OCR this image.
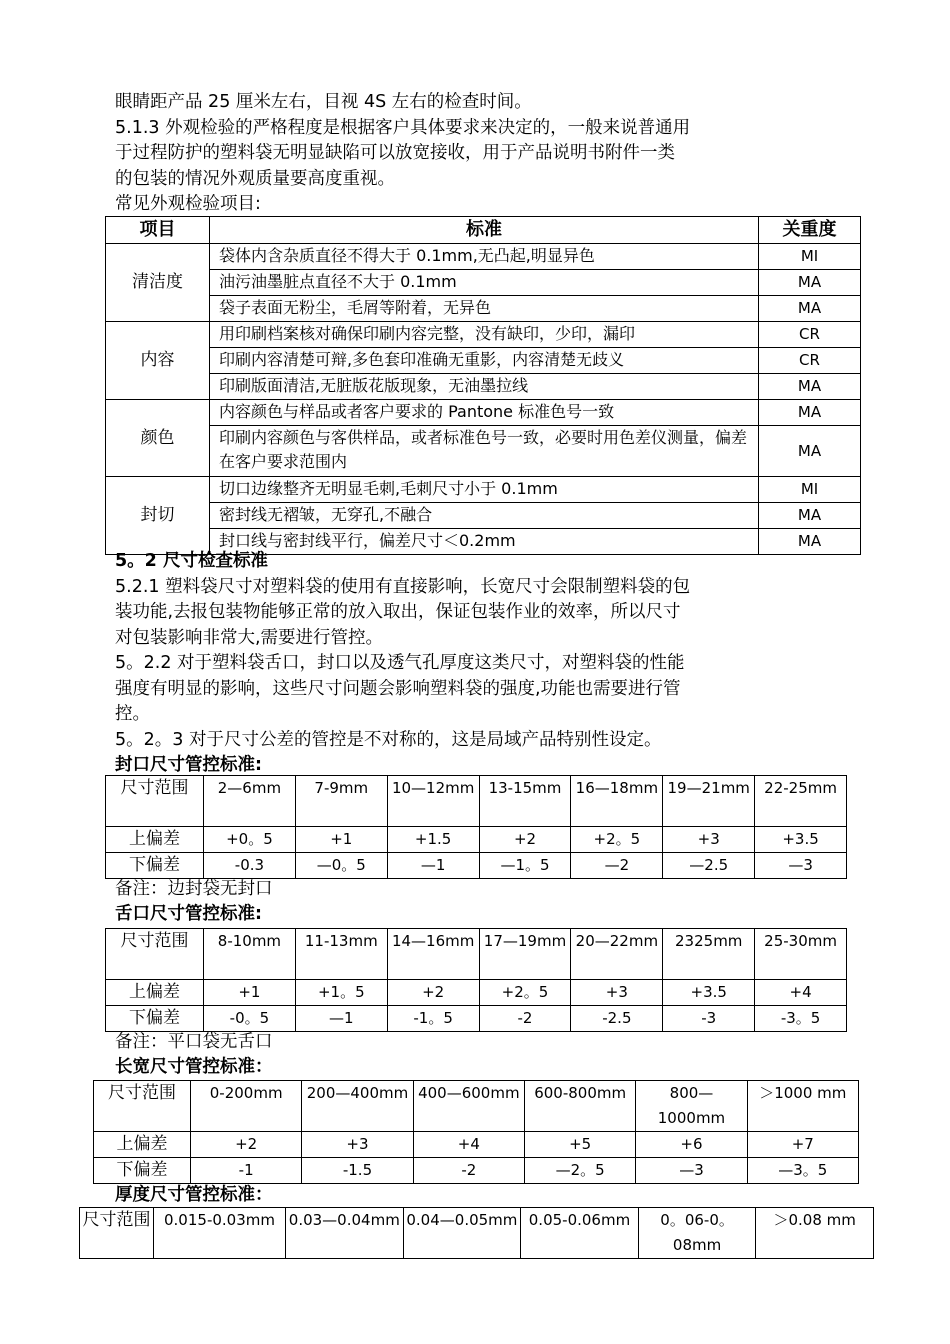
眼睛距产品 25 厘米左右，目视 4S 左右的检查时间。

5.1.3 外观检验的严格程度是根据客户具体要求来决定的，一般来说普通用

于过程防护的塑料袋无明显缺陷可以放宽接收，用于产品说明书附件一类

的包装的情况外观质量要高度重视。

常见外观检验项目:

项目	标准	关重度
清洁度	袋体内含杂质直径不得大于 0.1mm,无凸起,明显异色	MI
	油污油墨脏点直径不大于 0.1mm	MA
	袋子表面无粉尘，毛屑等附着，无异色	MA
内容	用印刷档案核对确保印刷内容完整，没有缺印，少印，漏印	CR
	印刷内容清楚可辩,多色套印准确无重影，内容清楚无歧义	CR
	印刷版面清洁,无脏版花版现象，无油墨拉线	MA
颜色	内容颜色与样品或者客户要求的 Pantone 标准色号一致	MA
	印刷内容颜色与客供样品，或者标准色号一致，必要时用色差仪测量，偏差在客户要求范围内	MA
封切	切口边缘整齐无明显毛刺,毛刺尺寸小于 0.1mm	MI
	密封线无褶皱，无穿孔,不融合	MA
	封口线与密封线平行，偏差尺寸＜0.2mm	MA

5。2 尺寸检查标准

5.2.1 塑料袋尺寸对塑料袋的使用有直接影响，长宽尺寸会限制塑料袋的包

装功能,去报包装物能够正常的放入取出，保证包装作业的效率，所以尺寸

对包装影响非常大,需要进行管控。

5。2.2 对于塑料袋舌口，封口以及透气孔厚度这类尺寸，对塑料袋的性能

强度有明显的影响，这些尺寸问题会影响塑料袋的强度,功能也需要进行管

控。

5。2。3 对于尺寸公差的管控是不对称的，这是局域产品特别性设定。

封口尺寸管控标准:

尺寸范围	2—6mm	7-9mm	10—12mm	13-15mm	16—18mm	19—21mm	22-25mm
上偏差	+0。5	+1	+1.5	+2	+2。5	+3	+3.5
下偏差	-0.3	—0。5	—1	—1。5	—2	—2.5	—3
备注：边封袋无封口
舌口尺寸管控标准:
尺寸范围	8-10mm	11-13mm	14—16mm	17—19mm	20—22mm	2325mm	25-30mm
上偏差	+1	+1。5	+2	+2。5	+3	+3.5	+4
下偏差	-0。5	—1	-1。5	-2	-2.5	-3	-3。5
备注：平口袋无舌口
长宽尺寸管控标准：
尺寸范围	0-200mm	200—400mm	400—600mm	600-800mm	800—1000mm	＞1000 mm
上偏差	+2	+3	+4	+5	+6	+7
下偏差	-1	-1.5	-2	—2。5	—3	—3。5
厚度尺寸管控标准：
尺寸范围	0.015-0.03mm	0.03—0.04mm	0.04—0.05mm	0.05-0.06mm	0。06-0。08mm	＞0.08 mm
